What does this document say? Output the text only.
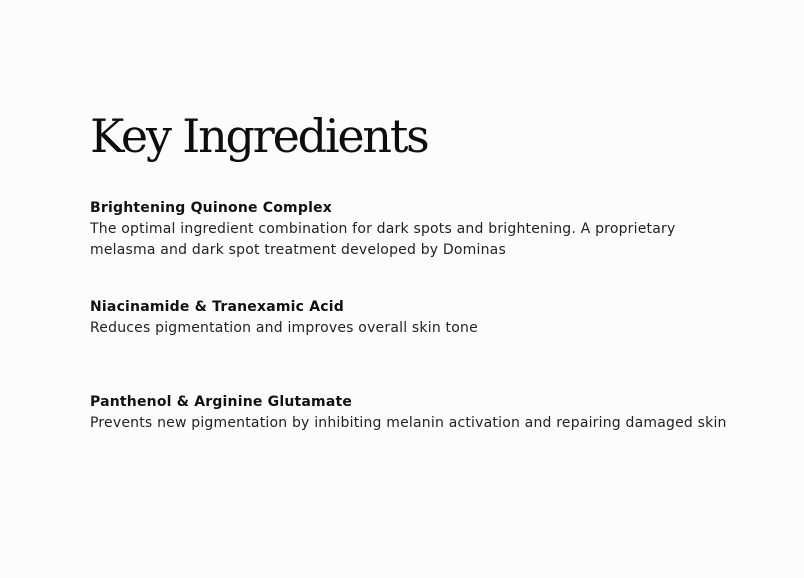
Key Ingredients

Brightening Quinone Complex

The optimal ingredient combination for dark spots and brightening. A proprietary melasma and dark spot treatment developed by Dominas

Niacinamide & Tranexamic Acid

Reduces pigmentation and improves overall skin tone

Panthenol & Arginine Glutamate

Prevents new pigmentation by inhibiting melanin activation and repairing damaged skin
